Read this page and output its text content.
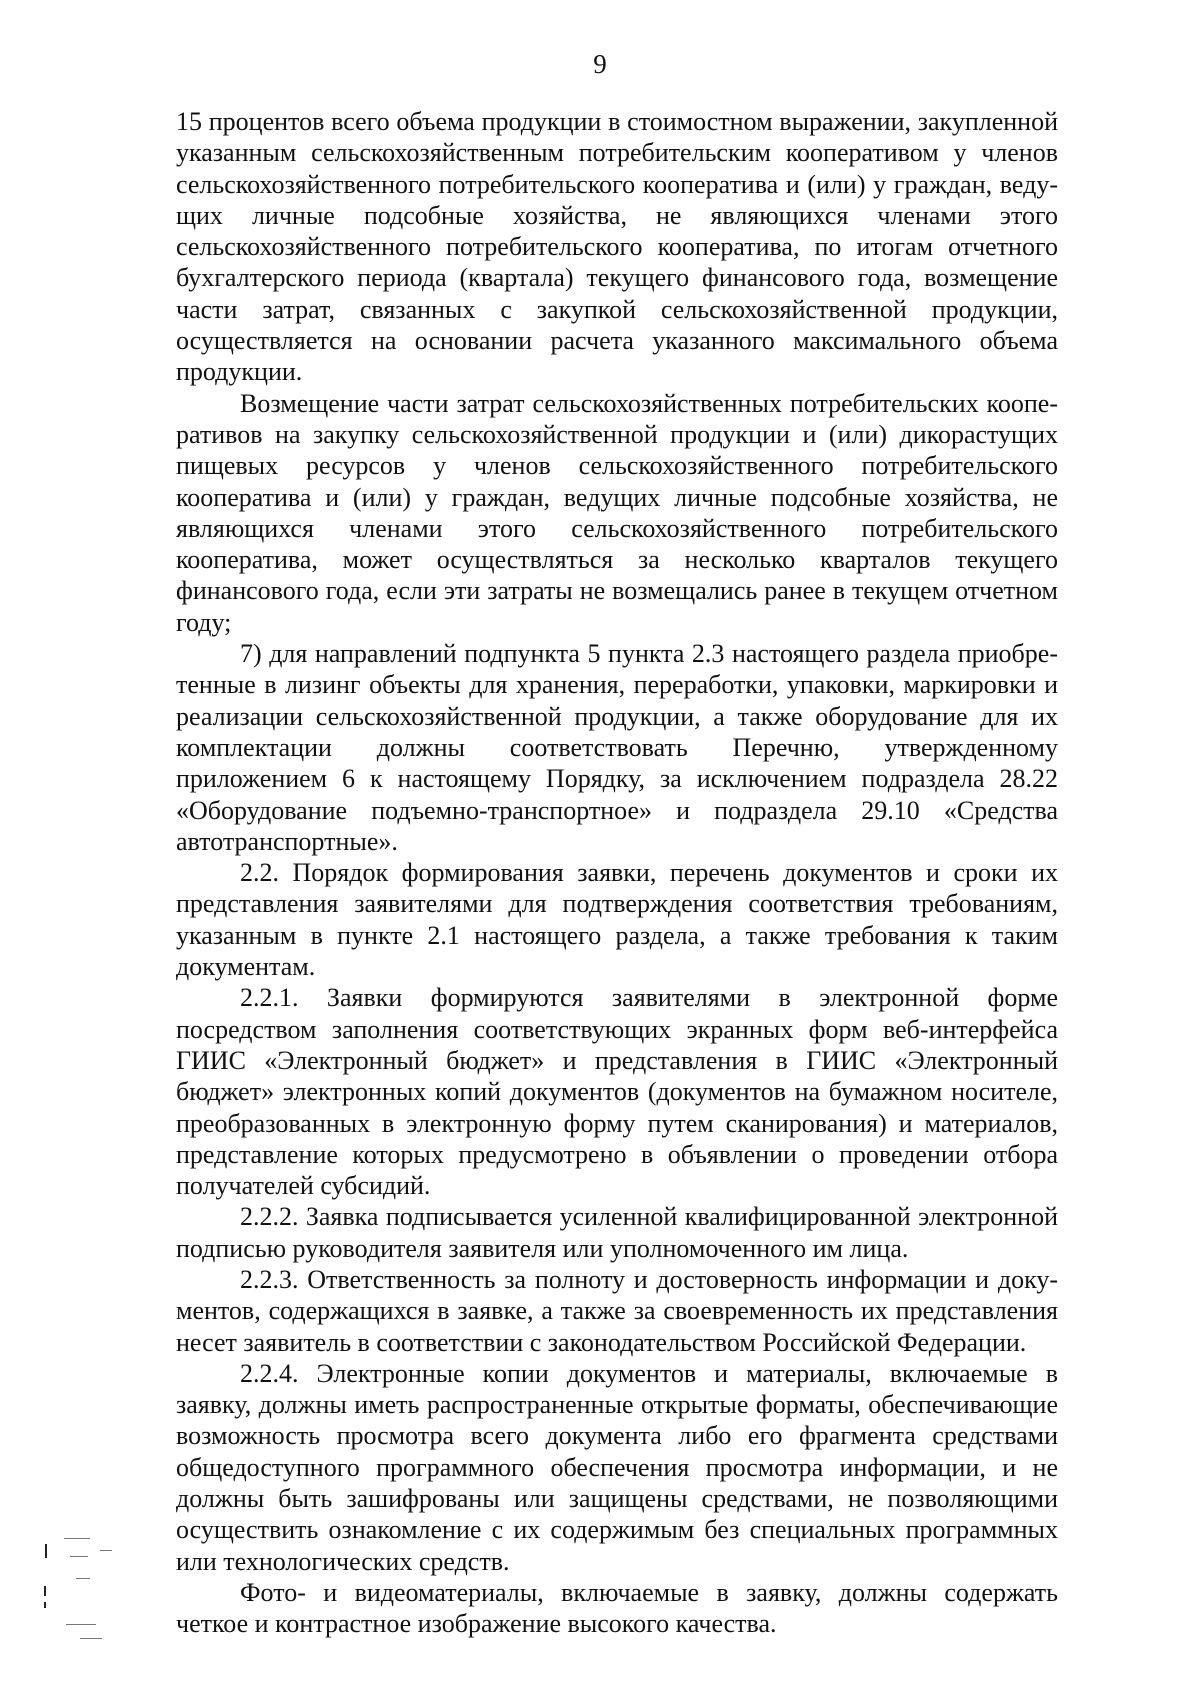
9

15 процентов всего объема продукции в стоимостном выражении, закупленной указанным сельскохозяйственным потребительским кооперативом у членов сельскохозяйственного потребительского кооператива и (или) у граждан, ведущих личные подсобные хозяйства, не являющихся членами этого сельскохозяйственного потребительского кооператива, по итогам отчетного бухгалтерского периода (квартала) текущего финансового года, возмещение части затрат, связанных с закупкой сельскохозяйственной продукции, осуществляется на основании расчета указанного максимального объема продукции.

Возмещение части затрат сельскохозяйственных потребительских кооперативов на закупку сельскохозяйственной продукции и (или) дикорастущих пищевых ресурсов у членов сельскохозяйственного потребительского кооператива и (или) у граждан, ведущих личные подсобные хозяйства, не являющихся членами этого сельскохозяйственного потребительского кооператива, может осуществляться за несколько кварталов текущего финансового года, если эти затраты не возмещались ранее в текущем отчетном году;

7) для направлений подпункта 5 пункта 2.3 настоящего раздела приобретенные в лизинг объекты для хранения, переработки, упаковки, маркировки и реализации сельскохозяйственной продукции, а также оборудование для их комплектации должны соответствовать Перечню, утвержденному приложением 6 к настоящему Порядку, за исключением подраздела 28.22 «Оборудование подъемно-транспортное» и подраздела 29.10 «Средства автотранспортные».

2.2. Порядок формирования заявки, перечень документов и сроки их представления заявителями для подтверждения соответствия требованиям, указанным в пункте 2.1 настоящего раздела, а также требования к таким документам.

2.2.1. Заявки формируются заявителями в электронной форме посредством заполнения соответствующих экранных форм веб-интерфейса ГИИС «Электронный бюджет» и представления в ГИИС «Электронный бюджет» электронных копий документов (документов на бумажном носителе, преобразованных в электронную форму путем сканирования) и материалов, представление которых предусмотрено в объявлении о проведении отбора получателей субсидий.

2.2.2. Заявка подписывается усиленной квалифицированной электронной подписью руководителя заявителя или уполномоченного им лица.

2.2.3. Ответственность за полноту и достоверность информации и документов, содержащихся в заявке, а также за своевременность их представления несет заявитель в соответствии с законодательством Российской Федерации.

2.2.4. Электронные копии документов и материалы, включаемые в заявку, должны иметь распространенные открытые форматы, обеспечивающие возможность просмотра всего документа либо его фрагмента средствами общедоступного программного обеспечения просмотра информации, и не должны быть зашифрованы или защищены средствами, не позволяющими осуществить ознакомление с их содержимым без специальных программных или технологических средств.

Фото- и видеоматериалы, включаемые в заявку, должны содержать четкое и контрастное изображение высокого качества.
